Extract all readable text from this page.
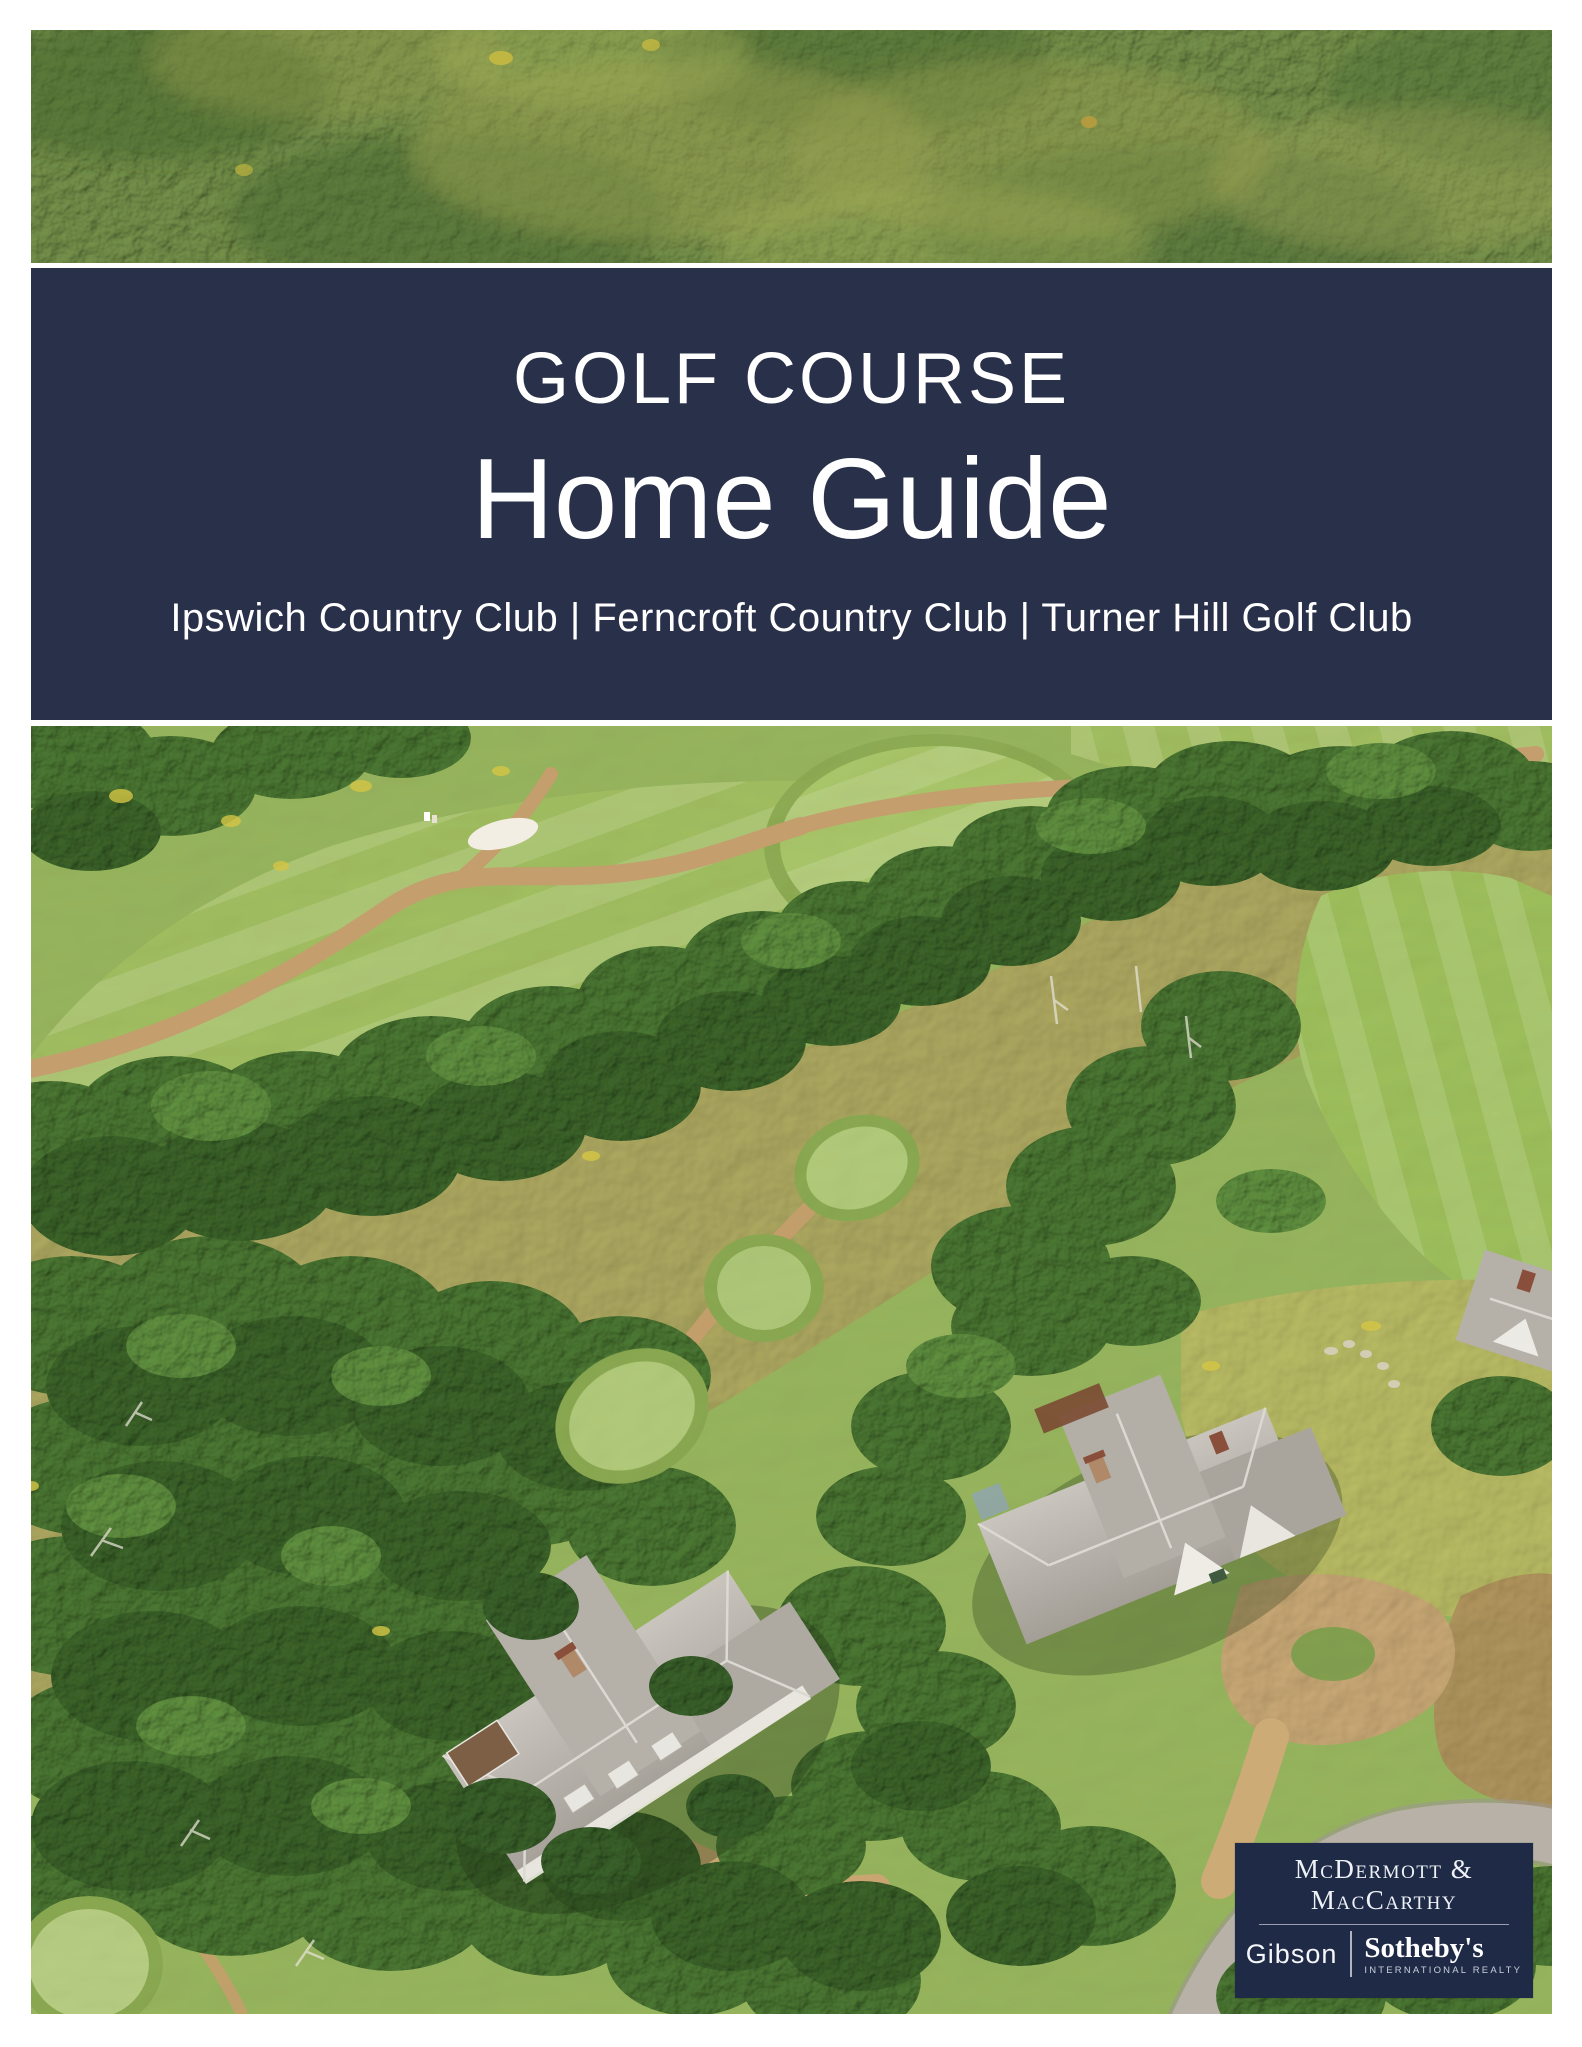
GOLF COURSE
Home Guide
Ipswich Country Club | Ferncroft Country Club | Turner Hill Golf Club
McDermott &
MacCarthy
Gibson Sotheby's
INTERNATIONAL REALTY
